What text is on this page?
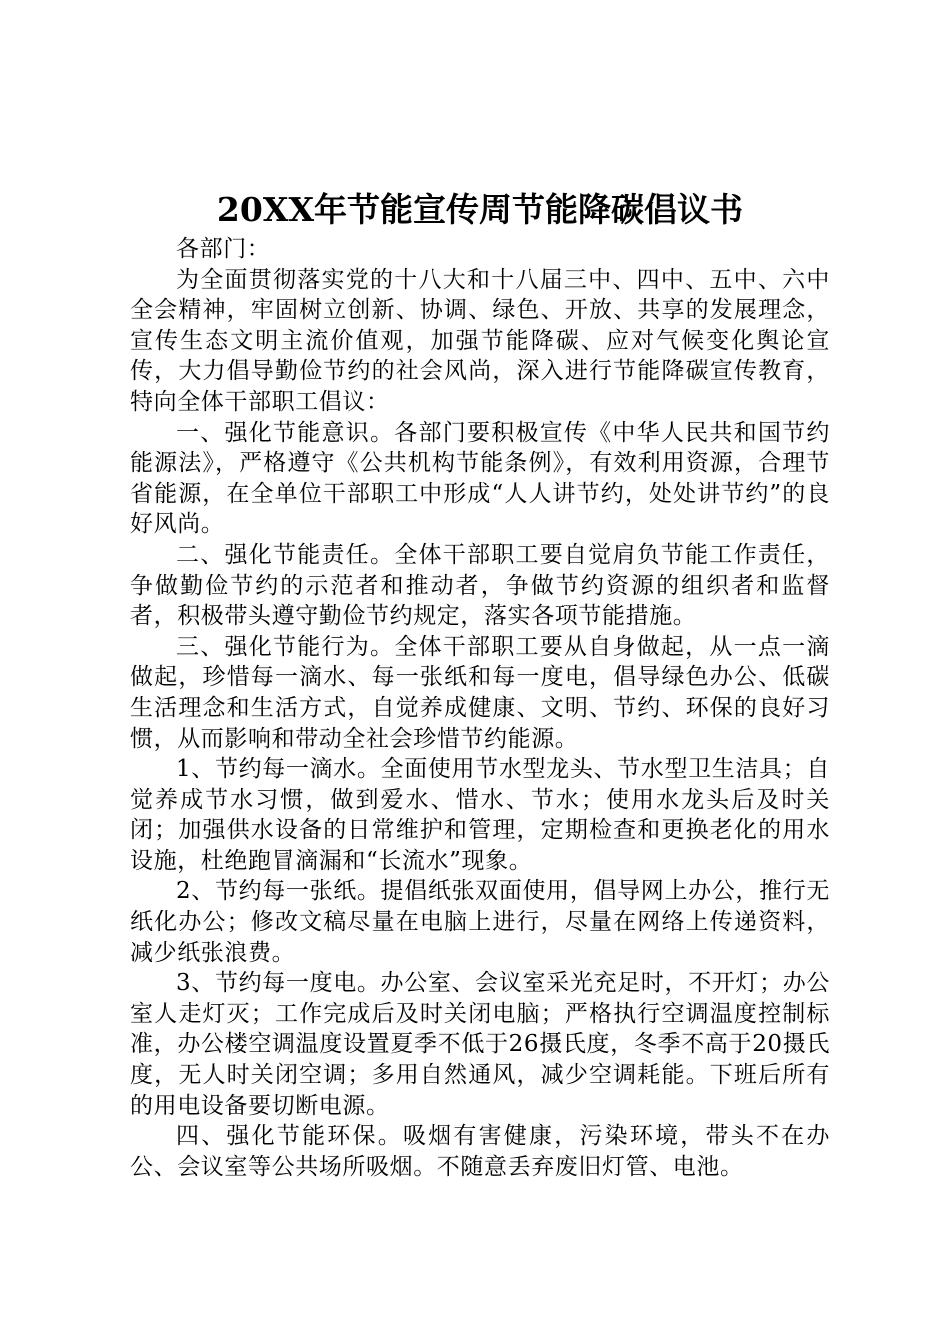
20XX年节能宣传周节能降碳倡议书

各部门：

为全面贯彻落实党的十八大和十八届三中、四中、五中、六中全会精神，牢固树立创新、协调、绿色、开放、共享的发展理念，宣传生态文明主流价值观，加强节能降碳、应对气候变化舆论宣传，大力倡导勤俭节约的社会风尚，深入进行节能降碳宣传教育，特向全体干部职工倡议：

一、强化节能意识。各部门要积极宣传《中华人民共和国节约能源法》，严格遵守《公共机构节能条例》，有效利用资源，合理节省能源，在全单位干部职工中形成“人人讲节约，处处讲节约”的良好风尚。

二、强化节能责任。全体干部职工要自觉肩负节能工作责任，争做勤俭节约的示范者和推动者，争做节约资源的组织者和监督者，积极带头遵守勤俭节约规定，落实各项节能措施。

三、强化节能行为。全体干部职工要从自身做起，从一点一滴做起，珍惜每一滴水、每一张纸和每一度电，倡导绿色办公、低碳生活理念和生活方式，自觉养成健康、文明、节约、环保的良好习惯，从而影响和带动全社会珍惜节约能源。

1、节约每一滴水。全面使用节水型龙头、节水型卫生洁具；自觉养成节水习惯，做到爱水、惜水、节水；使用水龙头后及时关闭；加强供水设备的日常维护和管理，定期检查和更换老化的用水设施，杜绝跑冒滴漏和“长流水”现象。

2、节约每一张纸。提倡纸张双面使用，倡导网上办公，推行无纸化办公；修改文稿尽量在电脑上进行，尽量在网络上传递资料，减少纸张浪费。

3、节约每一度电。办公室、会议室采光充足时，不开灯；办公室人走灯灭；工作完成后及时关闭电脑；严格执行空调温度控制标准，办公楼空调温度设置夏季不低于26摄氏度，冬季不高于20摄氏度，无人时关闭空调；多用自然通风，减少空调耗能。下班后所有的用电设备要切断电源。

四、强化节能环保。吸烟有害健康，污染环境，带头不在办公、会议室等公共场所吸烟。不随意丢弃废旧灯管、电池。
